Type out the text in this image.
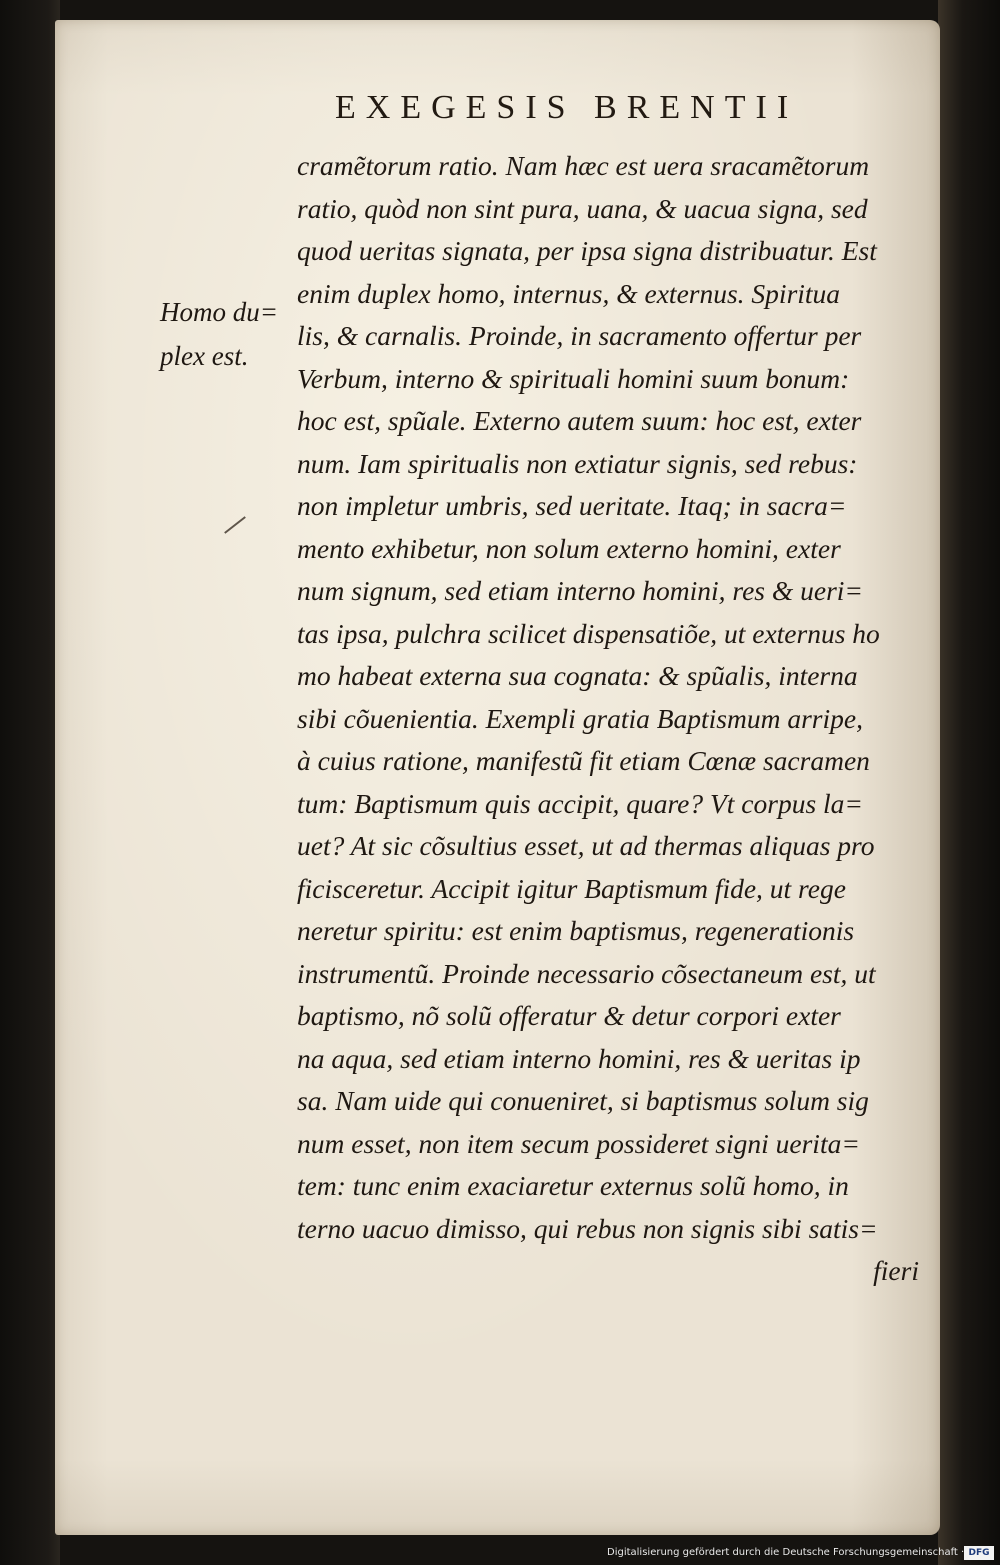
EXEGESIS BRENTII
Homo du=
plex est.
cramẽtorum ratio. Nam hæc est uera sracamẽtorum
ratio, quòd non sint pura, uana, & uacua signa, sed
quod ueritas signata, per ipsa signa distribuatur. Est
enim duplex homo, internus, & externus. Spiritua
lis, & carnalis. Proinde, in sacramento offertur per
Verbum, interno & spirituali homini suum bonum:
hoc est, spũale. Externo autem suum: hoc est, exter
num. Iam spiritualis non extiatur signis, sed rebus:
non impletur umbris, sed ueritate. Itaq; in sacra=
mento exhibetur, non solum externo homini, exter
num signum, sed etiam interno homini, res & ueri=
tas ipsa, pulchra scilicet dispensatiõe, ut externus ho
mo habeat externa sua cognata: & spũalis, interna
sibi cõuenientia. Exempli gratia Baptismum arripe,
à cuius ratione, manifestũ fit etiam Cœnæ sacramen
tum: Baptismum quis accipit, quare? Vt corpus la=
uet? At sic cõsultius esset, ut ad thermas aliquas pro
ficisceretur. Accipit igitur Baptismum fide, ut rege
neretur spiritu: est enim baptismus, regenerationis
instrumentũ. Proinde necessario cõsectaneum est, ut
baptismo, nõ solũ offeratur & detur corpori exter
na aqua, sed etiam interno homini, res & ueritas ip
sa. Nam uide qui conueniret, si baptismus solum sig
num esset, non item secum possideret signi ueritа=
tem: tunc enim exaciaretur externus solũ homo, in
terno uacuo dimisso, qui rebus non signis sibi satis=
fieri
Digitalisierung gefördert durch die Deutsche Forschungsgemeinschaft · DFG
